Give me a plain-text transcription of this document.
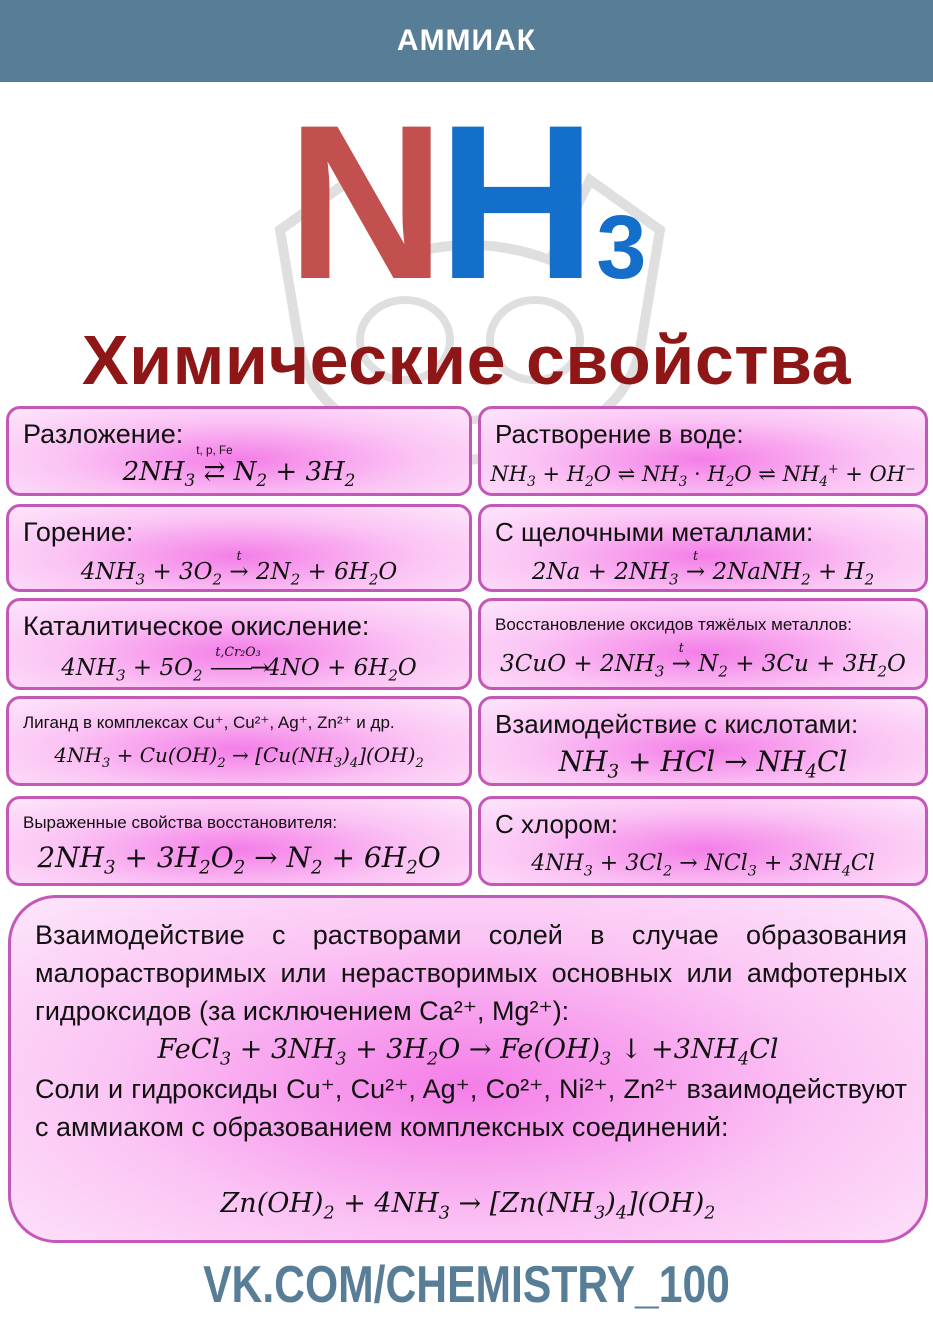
АММИАК
NH3
Химические свойства
Разложение:
$2NH_3$
t, p, Fe
⇄ $N_2 + 3H_2$
Растворение в воде:
$NH_3 + H_2O$ ⇌ $NH_3 \cdot H_2O$ ⇌ $NH_4^+ + OH^-$
Горение:
$4NH_3 + 3O_2$
t
→ $2N_2 + 6H_2O$
С щелочными металлами:
$2Na + 2NH_3$
t
→ 2NaNH$_2$ + $H_2$
Каталитическое окисление:
$4NH_3 + 5O_2$
t,Cr₂O₃
——→4NO + $6H_2O$
Восстановление оксидов тяжёлых металлов:
$3CuO + 2NH_3$
t
→ $N_2 + 3Cu + 3H_2O$
Лиганд в комплексах Cu⁺, Cu²⁺, Ag⁺, Zn²⁺ и др.
$4NH_3 + Cu(OH)_2 \to [Cu(NH_3)_4](OH)_2$
Взаимодействие с кислотами:
$NH_3$ + HCl → $NH_4Cl$
Выраженные свойства восстановителя:
$2NH_3 + 3H_2O_2 \to N_2 + 6H_2O$
С хлором:
$4NH_3 + 3Cl_2 \to NCl_3 + 3NH_4Cl$
Взаимодействие с растворами солей в случае образования малорастворимых или нерастворимых основных или амфотерных гидроксидов (за исключением Ca²⁺, Mg²⁺):
FeCl$_3$ + $3NH_3 + 3H_2O \to Fe(OH)_3$ ↓ $+3NH_4Cl$
Соли и гидроксиды Cu⁺, Cu²⁺, Ag⁺, Co²⁺, Ni²⁺, Zn²⁺ взаимодействуют с аммиаком с образованием комплексных соединений:
$Zn(OH)_2 + 4NH_3 \to [Zn(NH_3)_4](OH)_2$
VK.COM/CHEMISTRY_100
